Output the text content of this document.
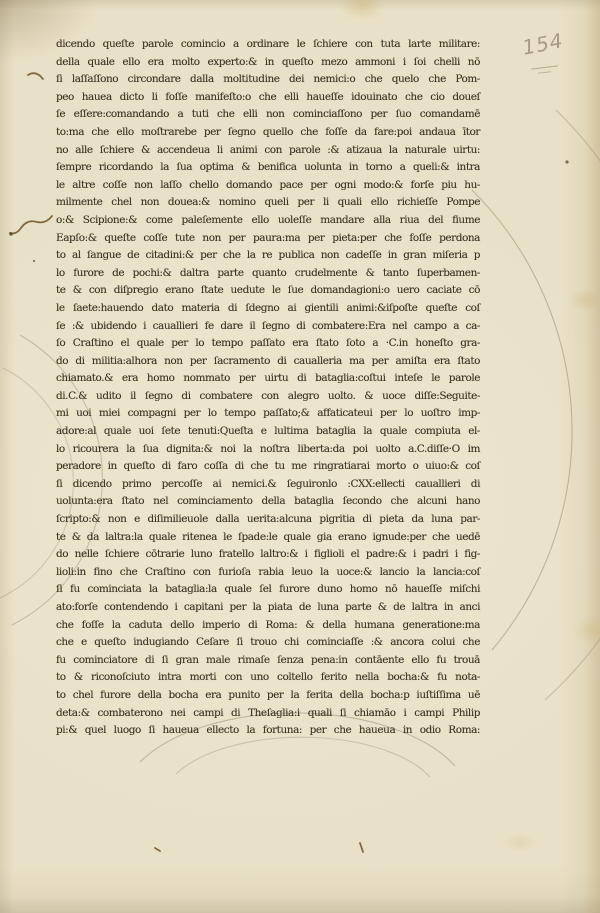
154
dicendo queſte parole comincio a ordinare le ſchiere con tuta larte militare:
della quale ello era molto experto:& in queſto mezo ammoni i ſoi chelli nō
ſi laſſaſſono circondare dalla moltitudine dei nemici:o che quelo che Pom-
peo hauea dicto li foſſe manifeſto:o che elli haueſſe idouinato che cio doueſ
ſe eſſere:comandando a tuti che elli non cominciaſſono per ſuo comandamē
to:ma che ello moſtrarebe per ſegno quello che foſſe da fare:poi andaua ītor
no alle ſchiere & accendeua li animi con parole :& atizaua la naturale uirtu:
ſempre ricordando la ſua optima & benifica uolunta in torno a queli:& intra
le altre coſſe non laſſo chello domando pace per ogni modo:& forſe piu hu-
milmente chel non douea:& nomino queli per li quali ello richieſſe Pompe
o:& Scipione:& come paleſemente ello uoleſſe mandare alla riua del fiume
Eapſo:& queſte coſſe tute non per paura:ma per pieta:per che foſſe perdona
to al ſangue de citadini:& per che la re publica non cadeſſe in gran miſeria p
lo furore de pochi:& daltra parte quanto crudelmente & tanto ſuperbamen-
te & con diſpregio erano ſtate uedute le ſue domandagioni:o uero caciate cō
le ſaete:hauendo dato materia di ſdegno ai gientili animi:&iſpoſte queſte coſ
ſe :& ubidendo i cauallieri fe dare il ſegno di combatere:Era nel campo a ca-
ſo Craſtino el quale per lo tempo paſſato era ſtato ſoto a ·C.in honeſto gra-
do di militia:alhora non per ſacramento di caualleria ma per amiſta era ſtato
chiamato.& era homo nommato per uirtu di bataglia:coſtui inteſe le parole
di.C.& udito il ſegno di combatere con alegro uolto. & uoce diſſe:Seguite-
mi uoi miei compagni per lo tempo paſſato;& affaticateui per lo uoſtro imp-
adore:al quale uoi ſete tenuti:Queſta e lultima bataglia la quale compiuta el-
lo ricourera la ſua dignita:& noi la noſtra liberta:da poi uolto a.C.diſſe·O im
peradore in queſto di faro coſſa di che tu me ringratiarai morto o uiuo:& coſ
ſi dicendo primo percoſſe ai nemici.& ſeguironlo :CXX:ellecti cauallieri di
uolunta:era ſtato nel cominciamento della bataglia ſecondo che alcuni hano
ſcripto:& non e diſimilieuole dalla uerita:alcuna pigritia di pieta da luna par-
te & da laltra:la quale ritenea le ſpade:le quale gia erano ignude:per che uedē
do nelle ſchiere cōtrarie luno fratello laltro:& i figlioli el padre:& i padri i fig-
lioli:in fino che Craſtino con furioſa rabia leuo la uoce:& lancio la lancia:coſ
ſi fu cominciata la bataglia:la quale ſel furore duno homo nō haueſſe miſchi
ato:forſe contendendo i capitani per la piata de luna parte & de laltra in anci
che foſſe la caduta dello imperio di Roma: & della humana generatione:ma
che e queſto indugiando Ceſare ſi trouo chi cominciaſſe :& ancora colui che
fu cominciatore di ſi gran male rimaſe ſenza pena:in contāente ello fu trouā
to & riconoſciuto intra morti con uno coltello ferito nella bocha:& fu nota-
to chel furore della bocha era punito per la ferita della bocha:p iuſtiſſima uē
deta:& combaterono nei campi di Theſaglia:i quali ſi chiamāo i campi Philip
pi:& quel luogo ſi haueua ellecto la fortuna: per che haueua in odio Roma:
